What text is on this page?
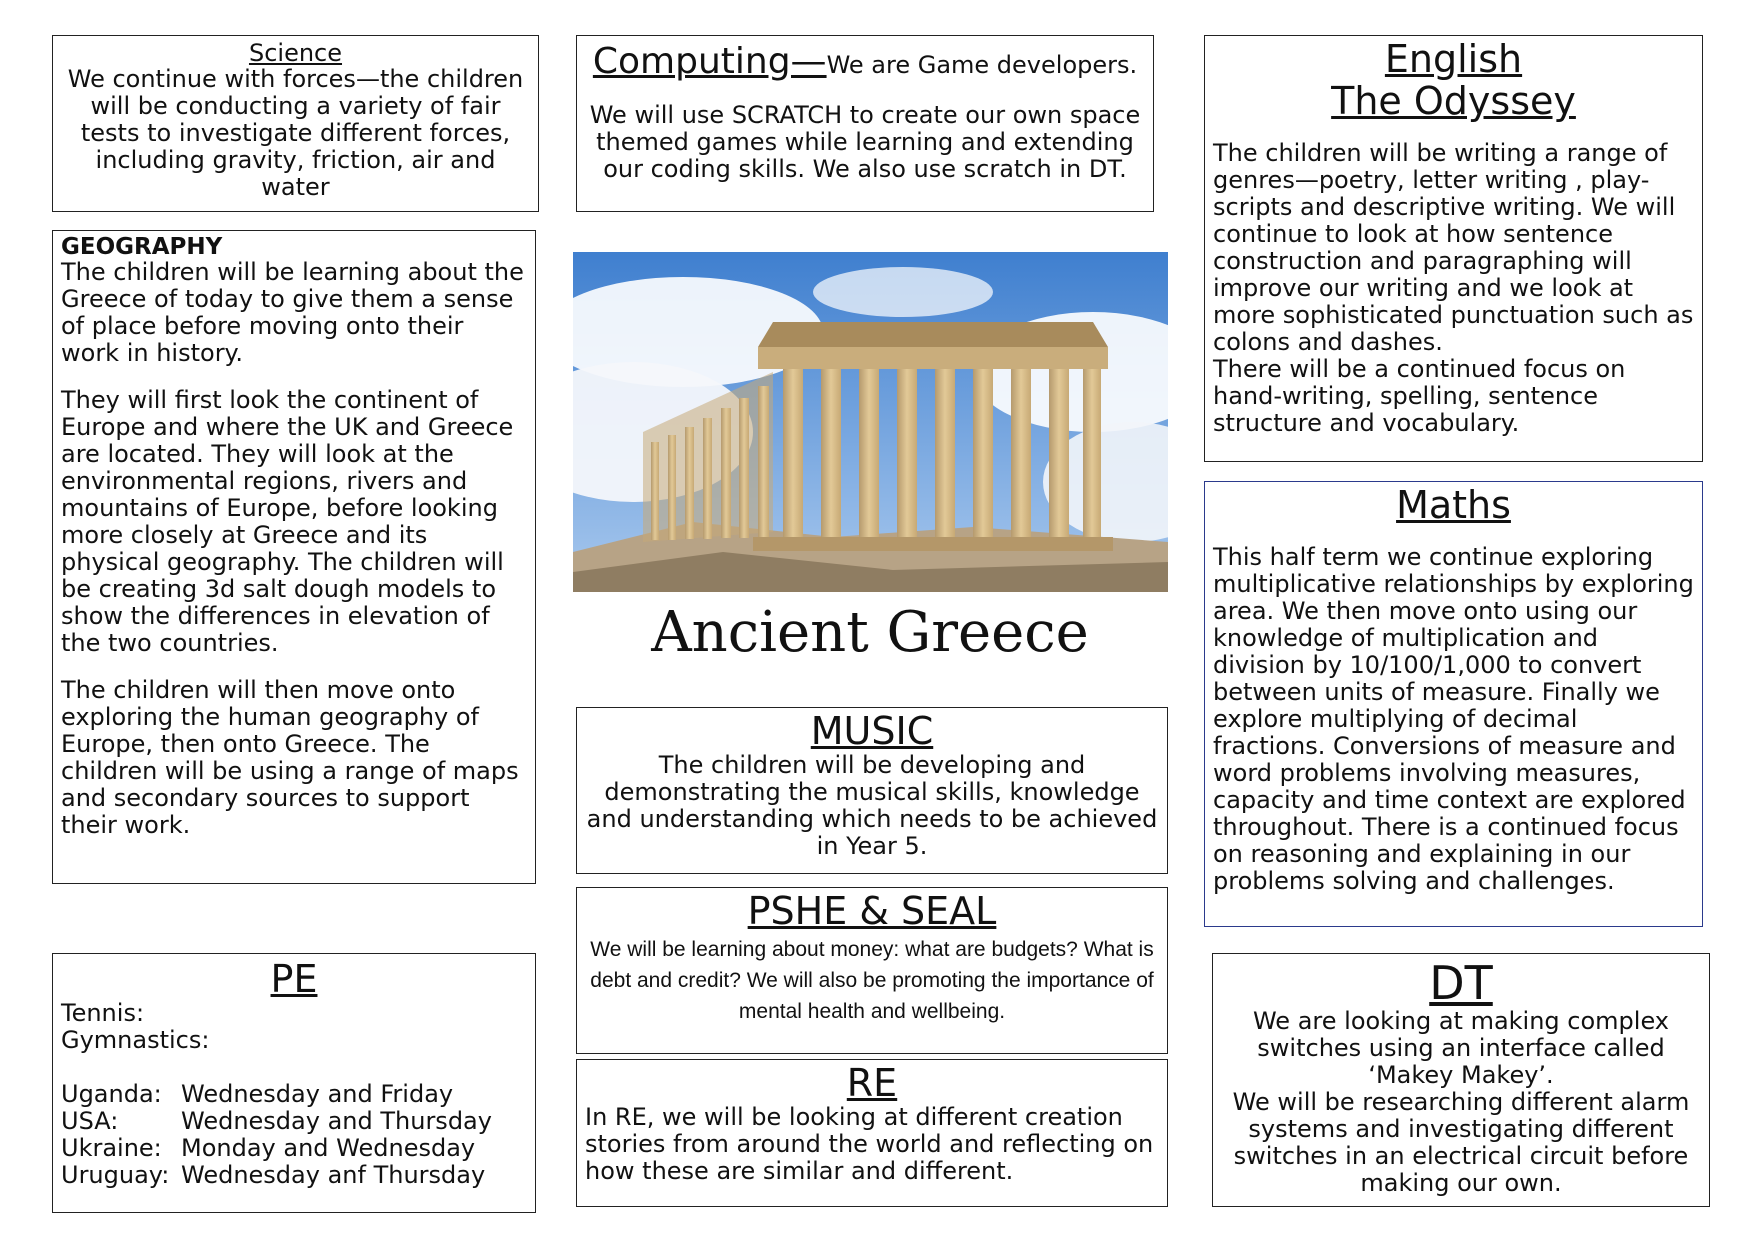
Science

We continue with forces—the children will be conducting a variety of fair tests to investigate different forces, including gravity, friction, air and water

Computing—We are Game developers.

We will use SCRATCH to create our own space themed games while learning and extending our coding skills. We also use scratch in DT.

English
The Odyssey

The children will be writing a range of genres—poetry, letter writing , play-scripts and descriptive writing. We will continue to look at how sentence construction and paragraphing will improve our writing and we look at more sophisticated punctuation such as colons and dashes.

There will be a continued focus on hand-writing, spelling, sentence structure and vocabulary.

GEOGRAPHY

The children will be learning about the Greece of today to give them a sense of place before moving onto their work in history.

They will first look the continent of Europe and where the UK and Greece are located. They will look at the environmental regions, rivers and mountains of Europe, before looking more closely at Greece and its physical geography. The children will be creating 3d salt dough models to show the differences in elevation of the two countries.

The children will then move onto exploring the human geography of Europe, then onto Greece. The children will be using a range of maps and secondary sources to support their work.

Ancient Greece
Maths

This half term we continue exploring multiplicative relationships by exploring area. We then move onto using our knowledge of multiplication and division by 10/100/1,000 to convert between units of measure. Finally we explore multiplying of decimal fractions. Conversions of measure and word problems involving measures, capacity and time context are explored throughout. There is a continued focus on reasoning and explaining in our problems solving and challenges.

MUSIC

The children will be developing and demonstrating the musical skills, knowledge and understanding which needs to be achieved in Year 5.

PSHE & SEAL

We will be learning about money: what are budgets? What is debt and credit? We will also be promoting the importance of mental health and wellbeing.

RE

In RE, we will be looking at different creation stories from around the world and reflecting on how these are similar and different.

PE

Tennis:

Gymnastics:

Uganda: Wednesday and Friday
USA:	Wednesday and Thursday
Ukraine: Monday and Wednesday
Uruguay: Wednesday anf Thursday
DT

We are looking at making complex switches using an interface called ‘Makey Makey’.

We will be researching different alarm systems and investigating different switches in an electrical circuit before making our own.
